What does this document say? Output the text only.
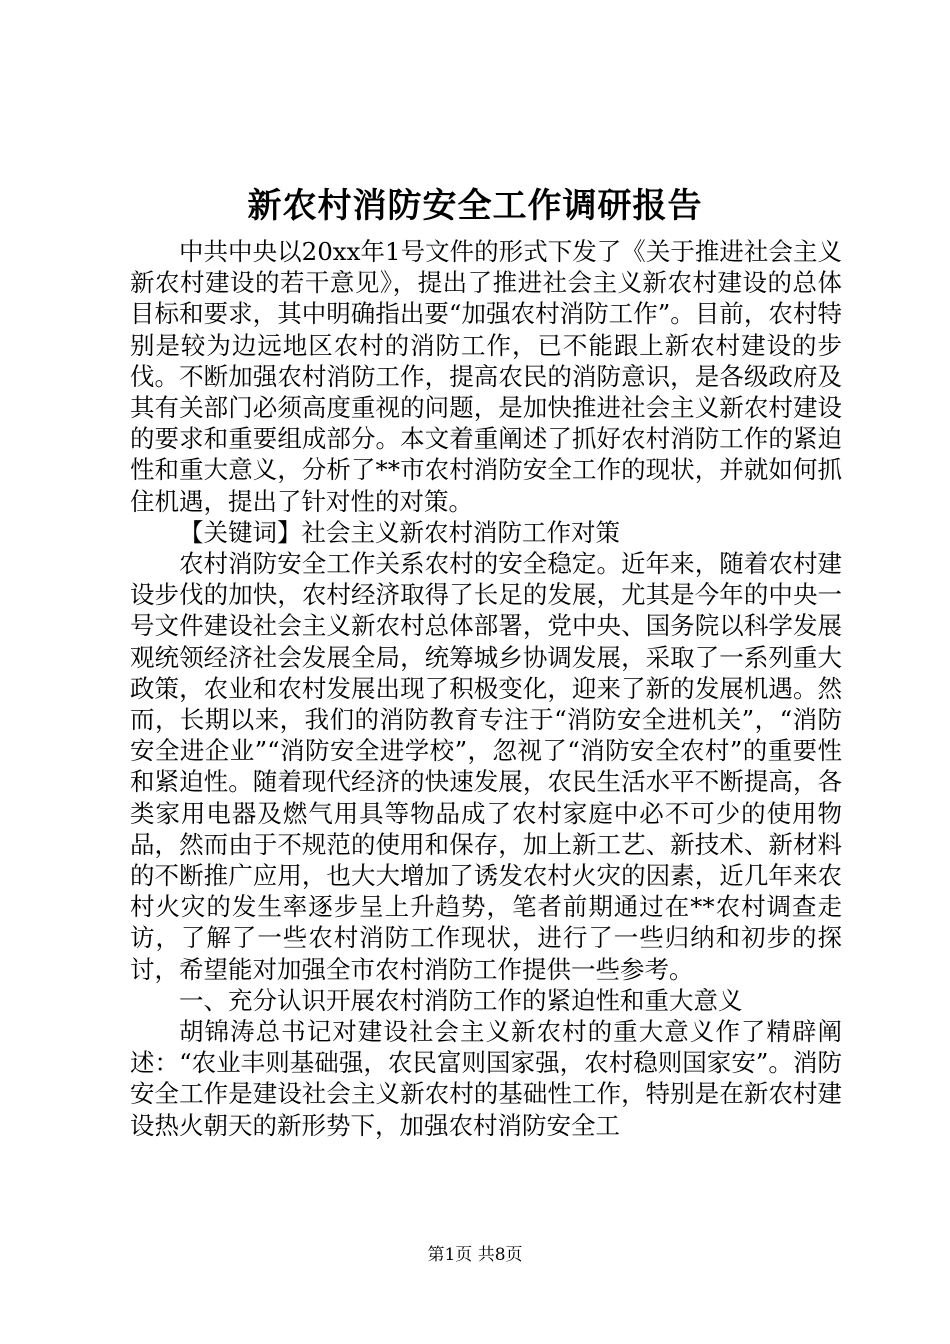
新农村消防安全工作调研报告

中共中央以20xx年1号文件的形式下发了《关于推进社会主义新农村建设的若干意见》，提出了推进社会主义新农村建设的总体目标和要求，其中明确指出要“加强农村消防工作”。目前，农村特别是较为边远地区农村的消防工作，已不能跟上新农村建设的步伐。不断加强农村消防工作，提高农民的消防意识，是各级政府及其有关部门必须高度重视的问题，是加快推进社会主义新农村建设的要求和重要组成部分。本文着重阐述了抓好农村消防工作的紧迫性和重大意义，分析了**市农村消防安全工作的现状，并就如何抓住机遇，提出了针对性的对策。

【关键词】社会主义新农村消防工作对策

农村消防安全工作关系农村的安全稳定。近年来，随着农村建设步伐的加快，农村经济取得了长足的发展，尤其是今年的中央一号文件建设社会主义新农村总体部署，党中央、国务院以科学发展观统领经济社会发展全局，统筹城乡协调发展，采取了一系列重大政策，农业和农村发展出现了积极变化，迎来了新的发展机遇。然而，长期以来，我们的消防教育专注于“消防安全进机关”，“消防安全进企业”“消防安全进学校”，忽视了“消防安全农村”的重要性和紧迫性。随着现代经济的快速发展，农民生活水平不断提高，各类家用电器及燃气用具等物品成了农村家庭中必不可少的使用物品，然而由于不规范的使用和保存，加上新工艺、新技术、新材料的不断推广应用，也大大增加了诱发农村火灾的因素，近几年来农村火灾的发生率逐步呈上升趋势，笔者前期通过在**农村调查走访，了解了一些农村消防工作现状，进行了一些归纳和初步的探讨，希望能对加强全市农村消防工作提供一些参考。

一、充分认识开展农村消防工作的紧迫性和重大意义

胡锦涛总书记对建设社会主义新农村的重大意义作了精辟阐述：“农业丰则基础强，农民富则国家强，农村稳则国家安”。消防安全工作是建设社会主义新农村的基础性工作，特别是在新农村建设热火朝天的新形势下，加强农村消防安全工

第1页 共8页
